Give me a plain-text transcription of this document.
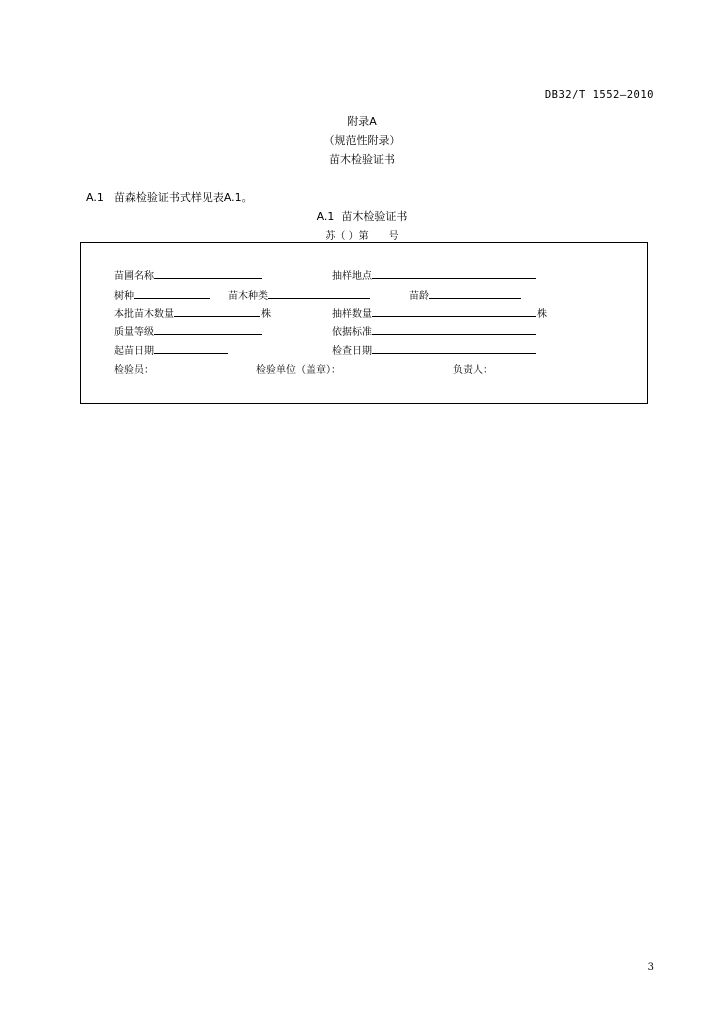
DB32/T 1552—2010
附录A
（规范性附录）
苗木检验证书
A.1 苗森检验证书式样见表A.1。
A.1 苗木检验证书
苏（ ）第　　号
苗圃名称	抽样地点
树种	苗木种类	苗龄
本批苗木数量	株	抽样数量	株
质量等级	依据标准
起苗日期	检查日期
检验员：	检验单位（盖章）：	负责人：
3
